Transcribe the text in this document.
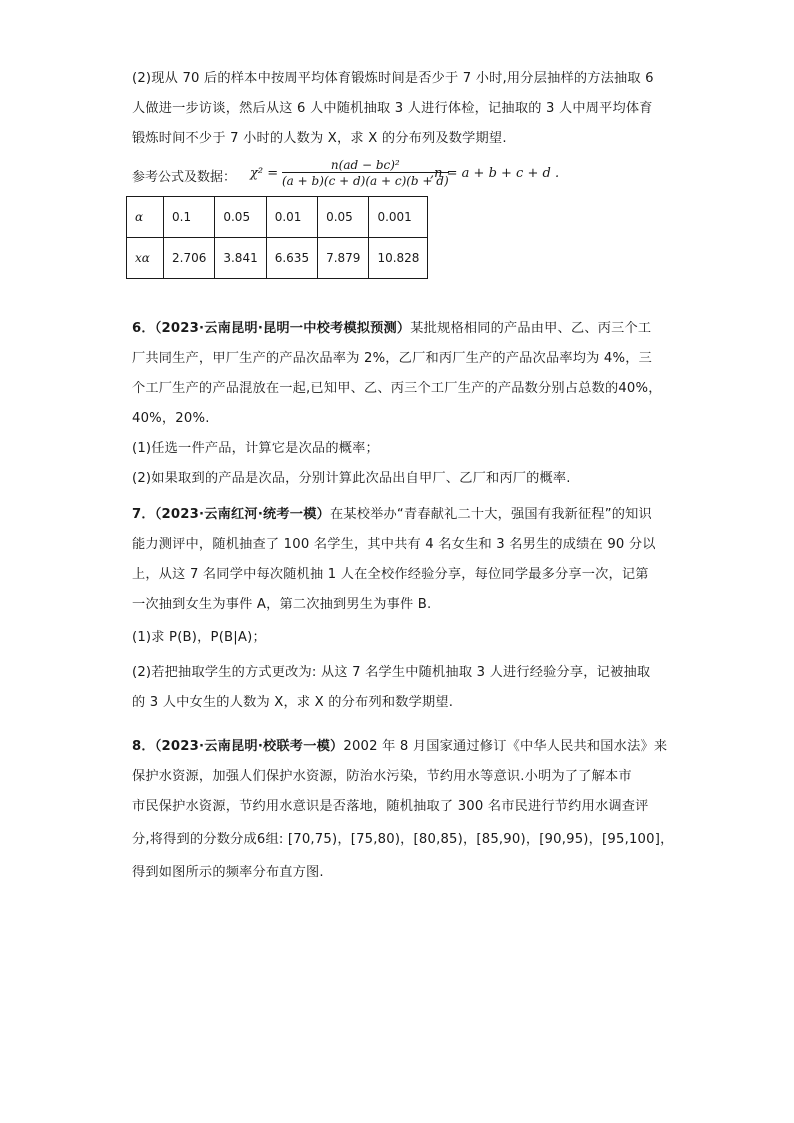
(2)现从 70 后的样本中按周平均体育锻炼时间是否少于 7 小时,用分层抽样的方法抽取 6
人做进一步访谈，然后从这 6 人中随机抽取 3 人进行体检，记抽取的 3 人中周平均体育
锻炼时间不少于 7 小时的人数为 X，求 X 的分布列及数学期望.
参考公式及数据： $\chi^2 = \frac{\text{n(ad − bc)²}}{(a + b)(c + d)(a + c)(b + d)}$
,n = a + b + c + d .
α	0.1	0.05	0.01	0.05	0.001
xα	2.706	3.841	6.635	7.879	10.828
6．（2023·云南昆明·昆明一中校考模拟预测）某批规格相同的产品由甲、乙、丙三个工
厂共同生产，甲厂生产的产品次品率为 2%，乙厂和丙厂生产的产品次品率均为 4%，三
个工厂生产的产品混放在一起,已知甲、乙、丙三个工厂生产的产品数分别占总数的40%，
40%，20%.
(1)任选一件产品，计算它是次品的概率；
(2)如果取到的产品是次品，分别计算此次品出自甲厂、乙厂和丙厂的概率.
7．（2023·云南红河·统考一模）在某校举办“青春献礼二十大，强国有我新征程”的知识
能力测评中，随机抽查了 100 名学生，其中共有 4 名女生和 3 名男生的成绩在 90 分以
上，从这 7 名同学中每次随机抽 1 人在全校作经验分享，每位同学最多分享一次，记第
一次抽到女生为事件 A，第二次抽到男生为事件 B.
(1)求 P(B)，P(B|A)；
(2)若把抽取学生的方式更改为: 从这 7 名学生中随机抽取 3 人进行经验分享，记被抽取
的 3 人中女生的人数为 X，求 X 的分布列和数学期望.
8．（2023·云南昆明·校联考一模）2002 年 8 月国家通过修订《中华人民共和国水法》来
保护水资源，加强人们保护水资源，防治水污染，节约用水等意识.小明为了了解本市
市民保护水资源，节约用水意识是否落地，随机抽取了 300 名市民进行节约用水调查评
分,将得到的分数分成6组: [70,75)，[75,80)，[80,85)，[85,90)，[90,95)，[95,100]，
得到如图所示的频率分布直方图.
